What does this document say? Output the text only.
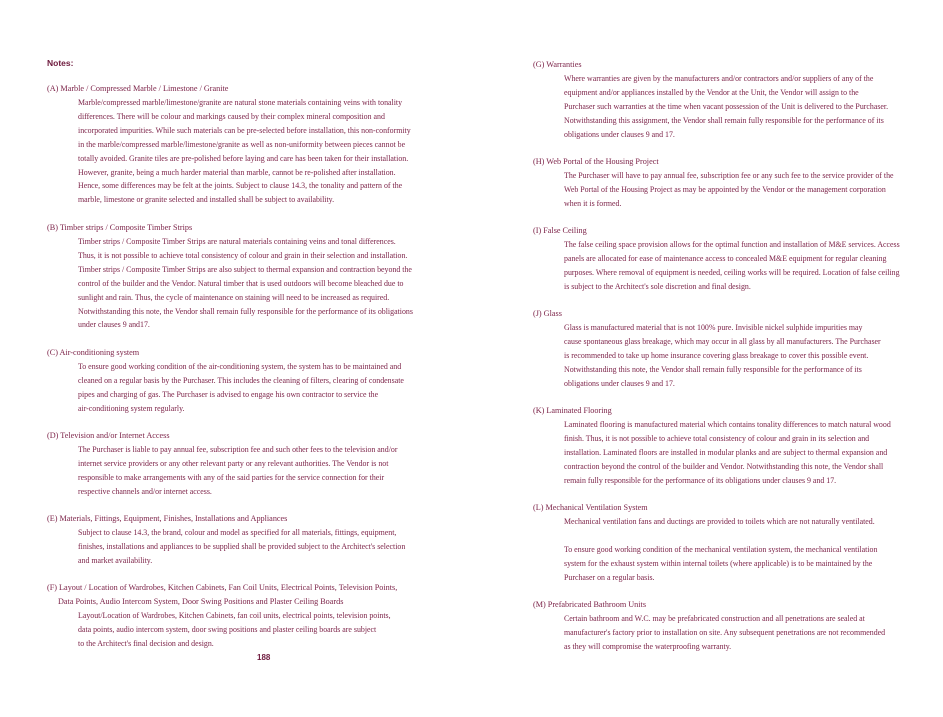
Notes:
(A) Marble / Compressed Marble / Limestone / Granite
Marble/compressed marble/limestone/granite are natural stone materials containing veins with tonality
differences. There will be colour and markings caused by their complex mineral composition and
incorporated impurities. While such materials can be pre-selected before installation, this non-conformity
in the marble/compressed marble/limestone/granite as well as non-uniformity between pieces cannot be
totally avoided. Granite tiles are pre-polished before laying and care has been taken for their installation.
However, granite, being a much harder material than marble, cannot be re-polished after installation.
Hence, some differences may be felt at the joints. Subject to clause 14.3, the tonality and pattern of the
marble, limestone or granite selected and installed shall be subject to availability.
(B) Timber strips / Composite Timber Strips
Timber strips / Composite Timber Strips are natural materials containing veins and tonal differences.
Thus, it is not possible to achieve total consistency of colour and grain in their selection and installation.
Timber strips / Composite Timber Strips are also subject to thermal expansion and contraction beyond the
control of the builder and the Vendor. Natural timber that is used outdoors will become bleached due to
sunlight and rain. Thus, the cycle of maintenance on staining will need to be increased as required.
Notwithstanding this note, the Vendor shall remain fully responsible for the performance of its obligations
under clauses 9 and17.
(C) Air-conditioning system
To ensure good working condition of the air-conditioning system, the system has to be maintained and
cleaned on a regular basis by the Purchaser. This includes the cleaning of filters, clearing of condensate
pipes and charging of gas. The Purchaser is advised to engage his own contractor to service the
air-conditioning system regularly.
(D) Television and/or Internet Access
The Purchaser is liable to pay annual fee, subscription fee and such other fees to the television and/or
internet service providers or any other relevant party or any relevant authorities. The Vendor is not
responsible to make arrangements with any of the said parties for the service connection for their
respective channels and/or internet access.
(E) Materials, Fittings, Equipment, Finishes, Installations and Appliances
Subject to clause 14.3, the brand, colour and model as specified for all materials, fittings, equipment,
finishes, installations and appliances to be supplied shall be provided subject to the Architect's selection
and market availability.
(F) Layout / Location of Wardrobes, Kitchen Cabinets, Fan Coil Units, Electrical Points, Television Points,
Data Points, Audio Intercom System, Door Swing Positions and Plaster Ceiling Boards
Layout/Location of Wardrobes, Kitchen Cabinets, fan coil units, electrical points, television points,
data points, audio intercom system, door swing positions and plaster ceiling boards are subject
to the Architect's final decision and design.
188
(G) Warranties
Where warranties are given by the manufacturers and/or contractors and/or suppliers of any of the
equipment and/or appliances installed by the Vendor at the Unit, the Vendor will assign to the
Purchaser such warranties at the time when vacant possession of the Unit is delivered to the Purchaser.
Notwithstanding this assignment, the Vendor shall remain fully responsible for the performance of its
obligations under clauses 9 and 17.
(H) Web Portal of the Housing Project
The Purchaser will have to pay annual fee, subscription fee or any such fee to the service provider of the
Web Portal of the Housing Project as may be appointed by the Vendor or the management corporation
when it is formed.
(I) False Ceiling
The false ceiling space provision allows for the optimal function and installation of M&E services. Access
panels are allocated for ease of maintenance access to concealed M&E equipment for regular cleaning
purposes. Where removal of equipment is needed, ceiling works will be required. Location of false ceiling
is subject to the Architect's sole discretion and final design.
(J) Glass
Glass is manufactured material that is not 100% pure. Invisible nickel sulphide impurities may
cause spontaneous glass breakage, which may occur in all glass by all manufacturers. The Purchaser
is recommended to take up home insurance covering glass breakage to cover this possible event.
Notwithstanding this note, the Vendor shall remain fully responsible for the performance of its
obligations under clauses 9 and 17.
(K) Laminated Flooring
Laminated flooring is manufactured material which contains tonality differences to match natural wood
finish. Thus, it is not possible to achieve total consistency of colour and grain in its selection and
installation. Laminated floors are installed in modular planks and are subject to thermal expansion and
contraction beyond the control of the builder and Vendor. Notwithstanding this note, the Vendor shall
remain fully responsible for the performance of its obligations under clauses 9 and 17.
(L) Mechanical Ventilation System
Mechanical ventilation fans and ductings are provided to toilets which are not naturally ventilated.

To ensure good working condition of the mechanical ventilation system, the mechanical ventilation
system for the exhaust system within internal toilets (where applicable) is to be maintained by the
Purchaser on a regular basis.
(M) Prefabricated Bathroom Units
Certain bathroom and W.C. may be prefabricated construction and all penetrations are sealed at
manufacturer's factory prior to installation on site. Any subsequent penetrations are not recommended
as they will compromise the waterproofing warranty.
